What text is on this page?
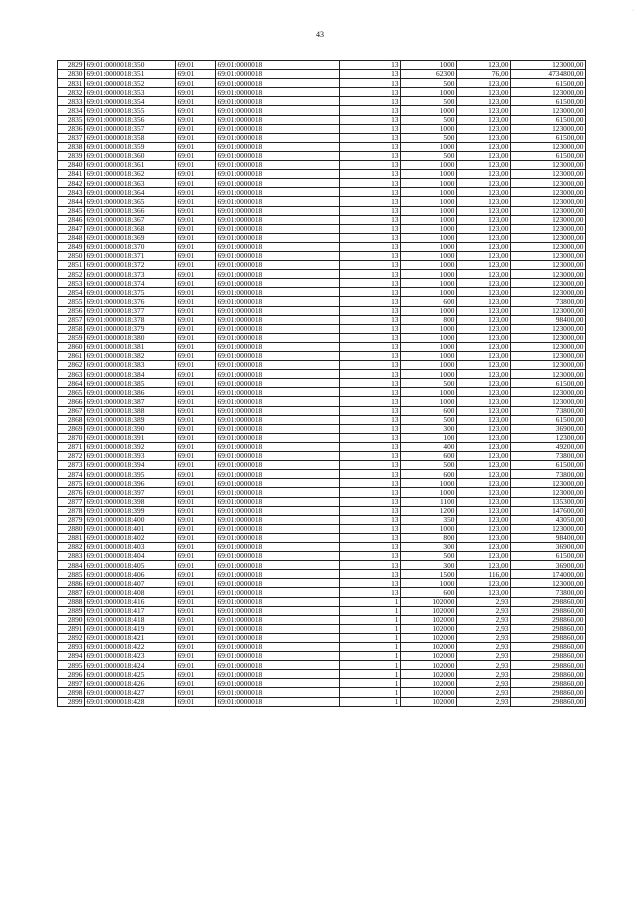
·
43
2829	69:01:0000018:350	69:01	69:01:0000018	13	1000	123,00	123000,00
2830	69:01:0000018:351	69:01	69:01:0000018	13	62300	76,00	4734800,00
2831	69:01:0000018:352	69:01	69:01:0000018	13	500	123,00	61500,00
2832	69:01:0000018:353	69:01	69:01:0000018	13	1000	123,00	123000,00
2833	69:01:0000018:354	69:01	69:01:0000018	13	500	123,00	61500,00
2834	69:01:0000018:355	69:01	69:01:0000018	13	1000	123,00	123000,00
2835	69:01:0000018:356	69:01	69:01:0000018	13	500	123,00	61500,00
2836	69:01:0000018:357	69:01	69:01:0000018	13	1000	123,00	123000,00
2837	69:01:0000018:358	69:01	69:01:0000018	13	500	123,00	61500,00
2838	69:01:0000018:359	69:01	69:01:0000018	13	1000	123,00	123000,00
2839	69:01:0000018:360	69:01	69:01:0000018	13	500	123,00	61500,00
2840	69:01:0000018:361	69:01	69:01:0000018	13	1000	123,00	123000,00
2841	69:01:0000018:362	69:01	69:01:0000018	13	1000	123,00	123000,00
2842	69:01:0000018:363	69:01	69:01:0000018	13	1000	123,00	123000,00
2843	69:01:0000018:364	69:01	69:01:0000018	13	1000	123,00	123000,00
2844	69:01:0000018:365	69:01	69:01:0000018	13	1000	123,00	123000,00
2845	69:01:0000018:366	69:01	69:01:0000018	13	1000	123,00	123000,00
2846	69:01:0000018:367	69:01	69:01:0000018	13	1000	123,00	123000,00
2847	69:01:0000018:368	69:01	69:01:0000018	13	1000	123,00	123000,00
2848	69:01:0000018:369	69:01	69:01:0000018	13	1000	123,00	123000,00
2849	69:01:0000018:370	69:01	69:01:0000018	13	1000	123,00	123000,00
2850	69:01:0000018:371	69:01	69:01:0000018	13	1000	123,00	123000,00
2851	69:01:0000018:372	69:01	69:01:0000018	13	1000	123,00	123000,00
2852	69:01:0000018:373	69:01	69:01:0000018	13	1000	123,00	123000,00
2853	69:01:0000018:374	69:01	69:01:0000018	13	1000	123,00	123000,00
2854	69:01:0000018:375	69:01	69:01:0000018	13	1000	123,00	123000,00
2855	69:01:0000018:376	69:01	69:01:0000018	13	600	123,00	73800,00
2856	69:01:0000018:377	69:01	69:01:0000018	13	1000	123,00	123000,00
2857	69:01:0000018:378	69:01	69:01:0000018	13	800	123,00	98400,00
2858	69:01:0000018:379	69:01	69:01:0000018	13	1000	123,00	123000,00
2859	69:01:0000018:380	69:01	69:01:0000018	13	1000	123,00	123000,00
2860	69:01:0000018:381	69:01	69:01:0000018	13	1000	123,00	123000,00
2861	69:01:0000018:382	69:01	69:01:0000018	13	1000	123,00	123000,00
2862	69:01:0000018:383	69:01	69:01:0000018	13	1000	123,00	123000,00
2863	69:01:0000018:384	69:01	69:01:0000018	13	1000	123,00	123000,00
2864	69:01:0000018:385	69:01	69:01:0000018	13	500	123,00	61500,00
2865	69:01:0000018:386	69:01	69:01:0000018	13	1000	123,00	123000,00
2866	69:01:0000018:387	69:01	69:01:0000018	13	1000	123,00	123000,00
2867	69:01:0000018:388	69:01	69:01:0000018	13	600	123,00	73800,00
2868	69:01:0000018:389	69:01	69:01:0000018	13	500	123,00	61500,00
2869	69:01:0000018:390	69:01	69:01:0000018	13	300	123,00	36900,00
2870	69:01:0000018:391	69:01	69:01:0000018	13	100	123,00	12300,00
2871	69:01:0000018:392	69:01	69:01:0000018	13	400	123,00	49200,00
2872	69:01:0000018:393	69:01	69:01:0000018	13	600	123,00	73800,00
2873	69:01:0000018:394	69:01	69:01:0000018	13	500	123,00	61500,00
2874	69:01:0000018:395	69:01	69:01:0000018	13	600	123,00	73800,00
2875	69:01:0000018:396	69:01	69:01:0000018	13	1000	123,00	123000,00
2876	69:01:0000018:397	69:01	69:01:0000018	13	1000	123,00	123000,00
2877	69:01:0000018:398	69:01	69:01:0000018	13	1100	123,00	135300,00
2878	69:01:0000018:399	69:01	69:01:0000018	13	1200	123,00	147600,00
2879	69:01:0000018:400	69:01	69:01:0000018	13	350	123,00	43050,00
2880	69:01:0000018:401	69:01	69:01:0000018	13	1000	123,00	123000,00
2881	69:01:0000018:402	69:01	69:01:0000018	13	800	123,00	98400,00
2882	69:01:0000018:403	69:01	69:01:0000018	13	300	123,00	36900,00
2883	69:01:0000018:404	69:01	69:01:0000018	13	500	123,00	61500,00
2884	69:01:0000018:405	69:01	69:01:0000018	13	300	123,00	36900,00
2885	69:01:0000018:406	69:01	69:01:0000018	13	1500	116,00	174000,00
2886	69:01:0000018:407	69:01	69:01:0000018	13	1000	123,00	123000,00
2887	69:01:0000018:408	69:01	69:01:0000018	13	600	123,00	73800,00
2888	69:01:0000018:416	69:01	69:01:0000018	1	102000	2,93	298860,00
2889	69:01:0000018:417	69:01	69:01:0000018	1	102000	2,93	298860,00
2890	69:01:0000018:418	69:01	69:01:0000018	1	102000	2,93	298860,00
2891	69:01:0000018:419	69:01	69:01:0000018	1	102000	2,93	298860,00
2892	69:01:0000018:421	69:01	69:01:0000018	1	102000	2,93	298860,00
2893	69:01:0000018:422	69:01	69:01:0000018	1	102000	2,93	298860,00
2894	69:01:0000018:423	69:01	69:01:0000018	1	102000	2,93	298860,00
2895	69:01:0000018:424	69:01	69:01:0000018	1	102000	2,93	298860,00
2896	69:01:0000018:425	69:01	69:01:0000018	1	102000	2,93	298860,00
2897	69:01:0000018:426	69:01	69:01:0000018	1	102000	2,93	298860,00
2898	69:01:0000018:427	69:01	69:01:0000018	1	102000	2,93	298860,00
2899	69:01:0000018:428	69:01	69:01:0000018	1	102000	2,93	298860,00
